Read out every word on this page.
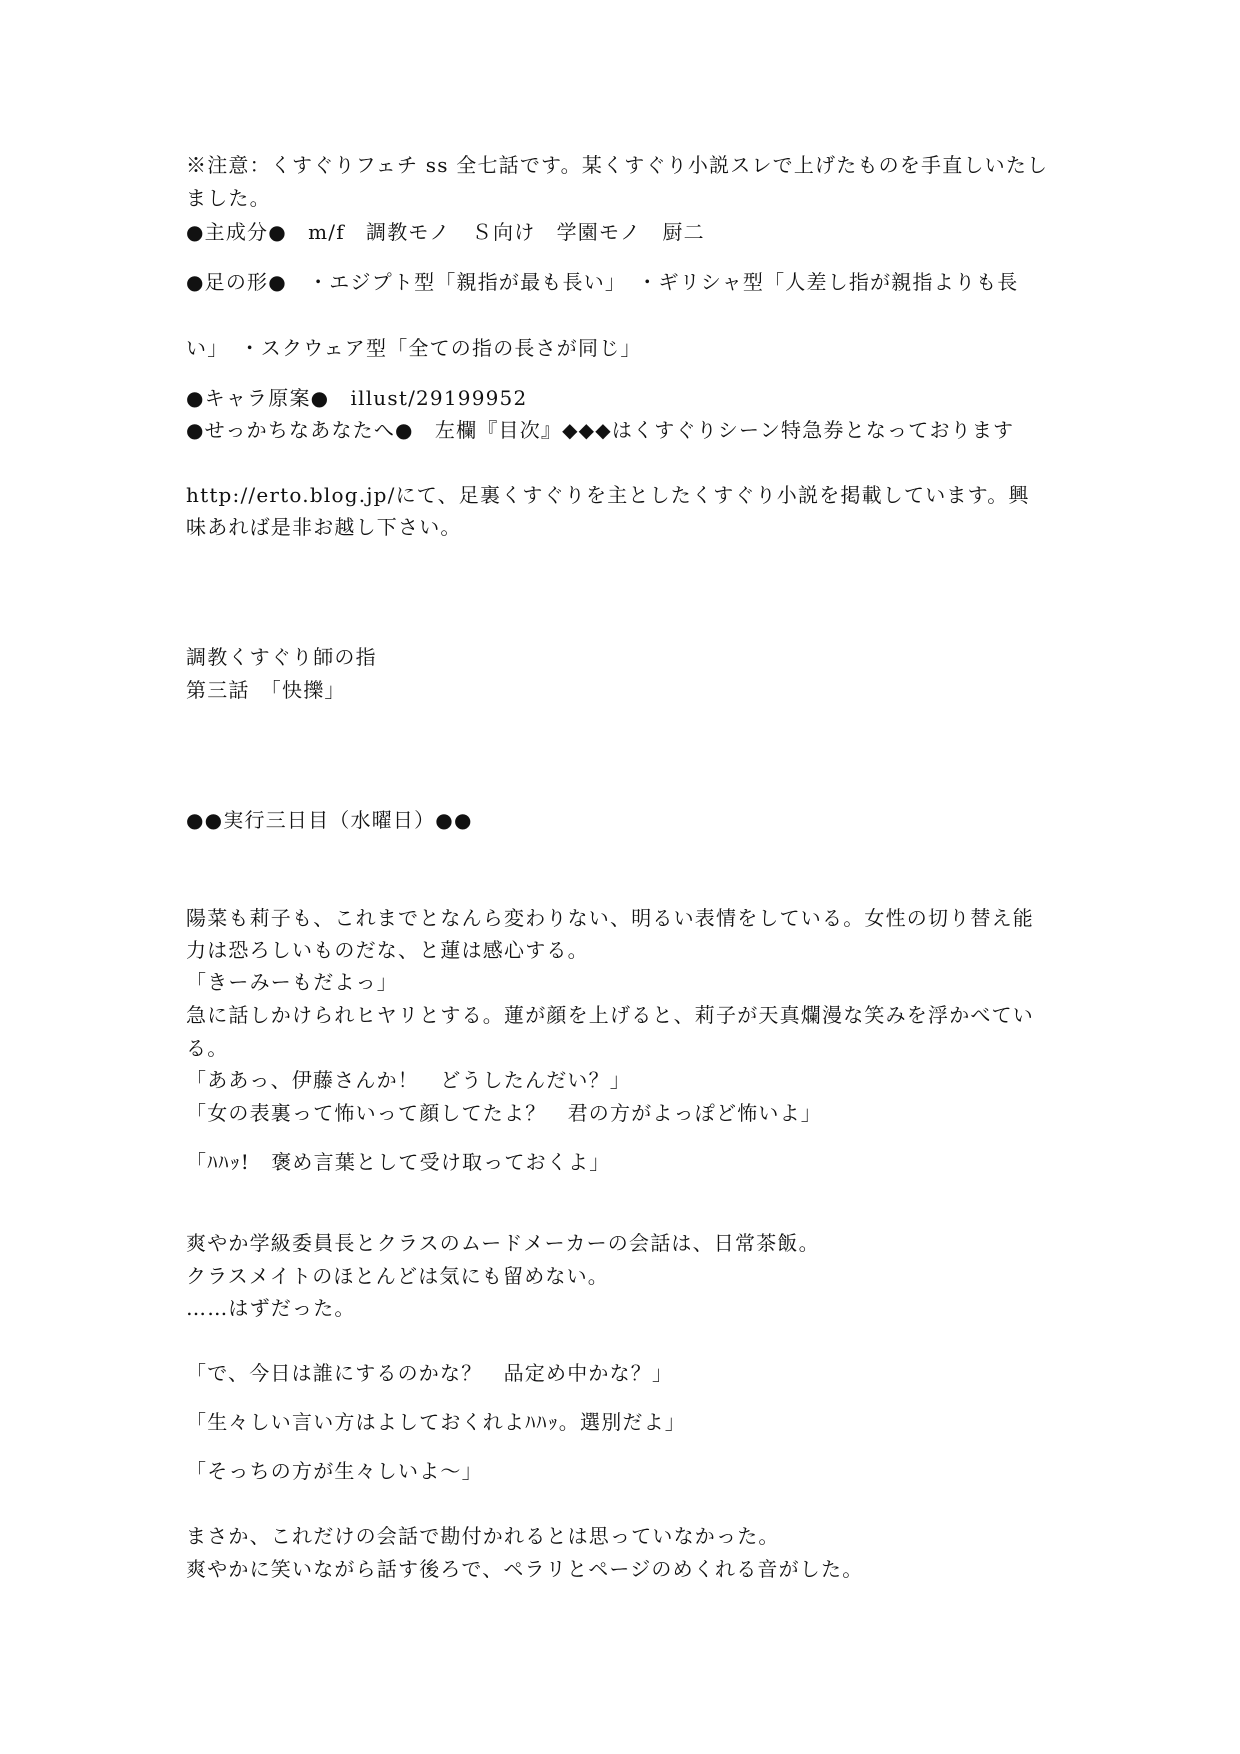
※注意：くすぐりフェチ ss 全七話です。某くすぐり小説スレで上げたものを手直しいたし
ました。
●主成分●　m/f　調教モノ　Ｓ向け　学園モノ　厨二
●足の形●　・エジプト型「親指が最も長い」　・ギリシャ型「人差し指が親指よりも長
い」　・スクウェア型「全ての指の長さが同じ」
●キャラ原案●　illust/29199952
●せっかちなあなたへ●　左欄『目次』◆◆◆はくすぐりシーン特急券となっております
http://erto.blog.jp/にて、足裏くすぐりを主としたくすぐり小説を掲載しています。興
味あれば是非お越し下さい。
調教くすぐり師の指
第三話　「快擽」
●●実行三日目（水曜日）●●
陽菜も莉子も、これまでとなんら変わりない、明るい表情をしている。女性の切り替え能
力は恐ろしいものだな、と蓮は感心する。
「きーみーもだよっ」
急に話しかけられヒヤリとする。蓮が顔を上げると、莉子が天真爛漫な笑みを浮かべてい
る。
「ああっ、伊藤さんか！　どうしたんだい？」
「女の表裏って怖いって顔してたよ？　君の方がよっぽど怖いよ」
「ﾊﾊｯ!　褒め言葉として受け取っておくよ」
爽やか学級委員長とクラスのムードメーカーの会話は、日常茶飯。
クラスメイトのほとんどは気にも留めない。
……はずだった。
「で、今日は誰にするのかな？　品定め中かな？」
「生々しい言い方はよしておくれよﾊﾊｯ。選別だよ」
「そっちの方が生々しいよ～」
まさか、これだけの会話で勘付かれるとは思っていなかった。
爽やかに笑いながら話す後ろで、ペラリとページのめくれる音がした。
